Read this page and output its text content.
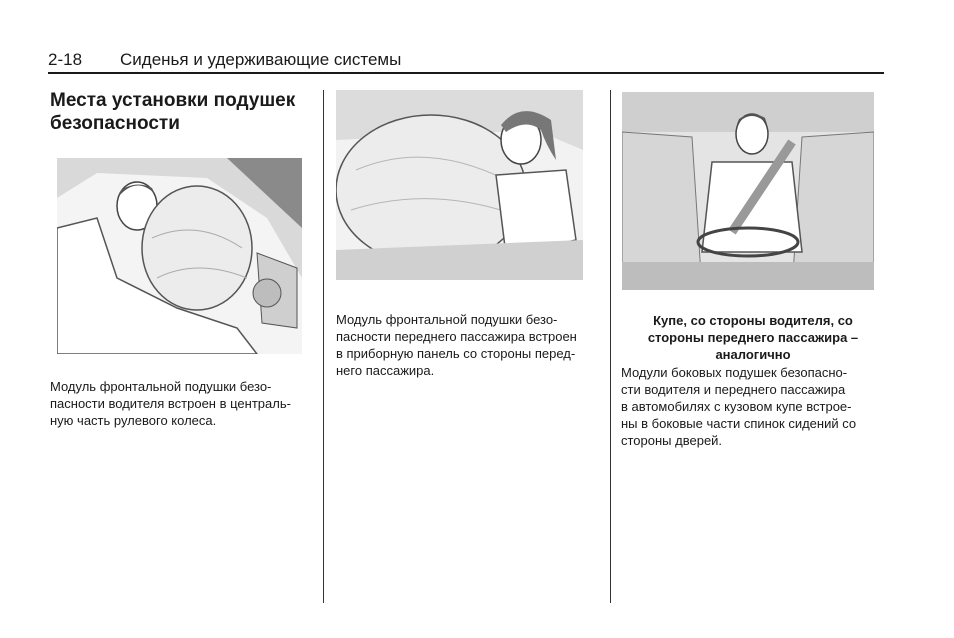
2-18 Сиденья и удерживающие системы
Места установки подушек
безопасности
Модуль фронтальной подушки безо-
пасности водителя встроен в централь-
ную часть рулевого колеса.
Модуль фронтальной подушки безо-
пасности переднего пассажира встроен
в приборную панель со стороны перед-
него пассажира.
Купе, со стороны водителя, со
стороны переднего пассажира –
аналогично
Модули боковых подушек безопасно-
сти водителя и переднего пассажира
в автомобилях с кузовом купе встрое-
ны в боковые части спинок сидений со
стороны дверей.
